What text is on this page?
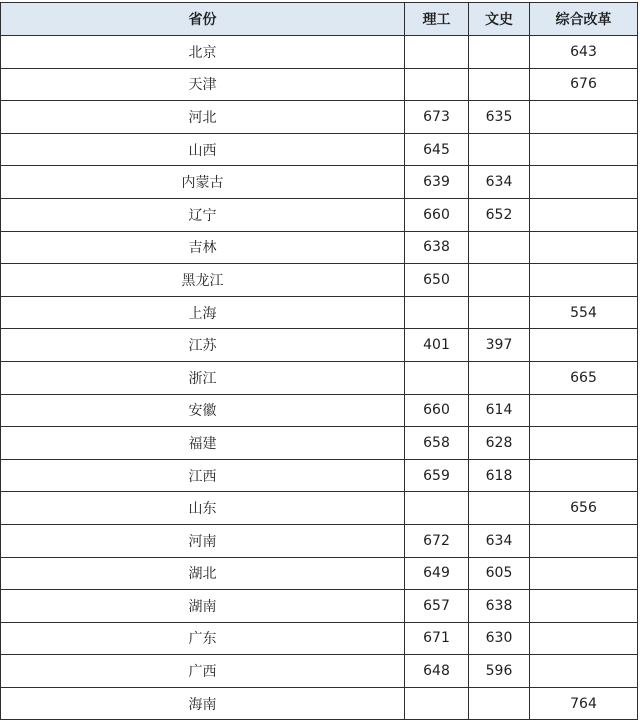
省份	理工	文史	综合改革
北京			643
天津			676
河北	673	635	
山西	645		
内蒙古	639	634	
辽宁	660	652	
吉林	638		
黑龙江	650		
上海			554
江苏	401	397	
浙江			665
安徽	660	614	
福建	658	628	
江西	659	618	
山东			656
河南	672	634	
湖北	649	605	
湖南	657	638	
广东	671	630	
广西	648	596	
海南			764
